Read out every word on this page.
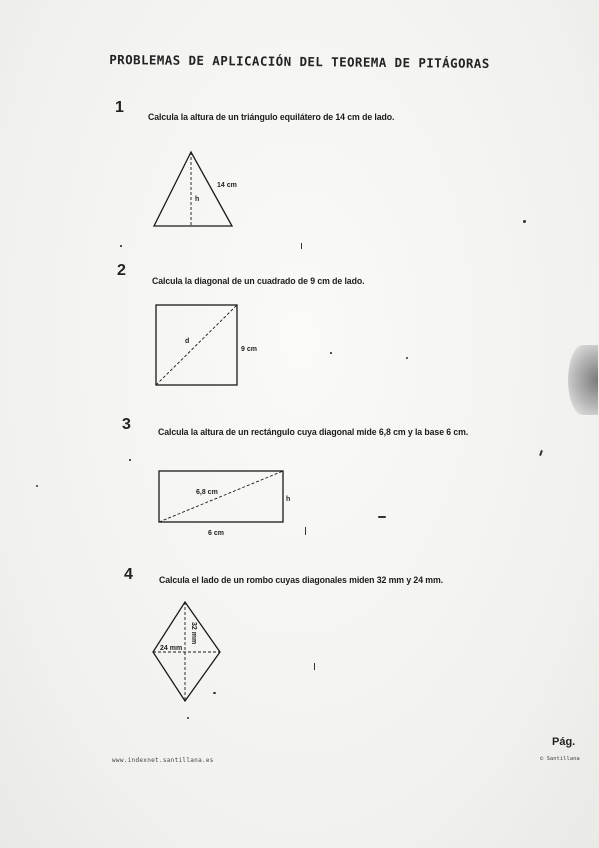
PROBLEMAS DE APLICACIÓN DEL TEOREMA DE PITÁGORAS
1
Calcula la altura de un triángulo equilátero de 14 cm de lado.
14 cm
h
2
Calcula la diagonal de un cuadrado de 9 cm de lado.
d
9 cm
3	Calcula la altura de un rectángulo cuya diagonal mide 6,8 cm y la base 6 cm.
6,8 cm
h
6 cm
4	Calcula el lado de un rombo cuyas diagonales miden 32 mm y 24 mm.
24 mm
32 mm
www.indexnet.santillana.es
Pág.
© Santillana
